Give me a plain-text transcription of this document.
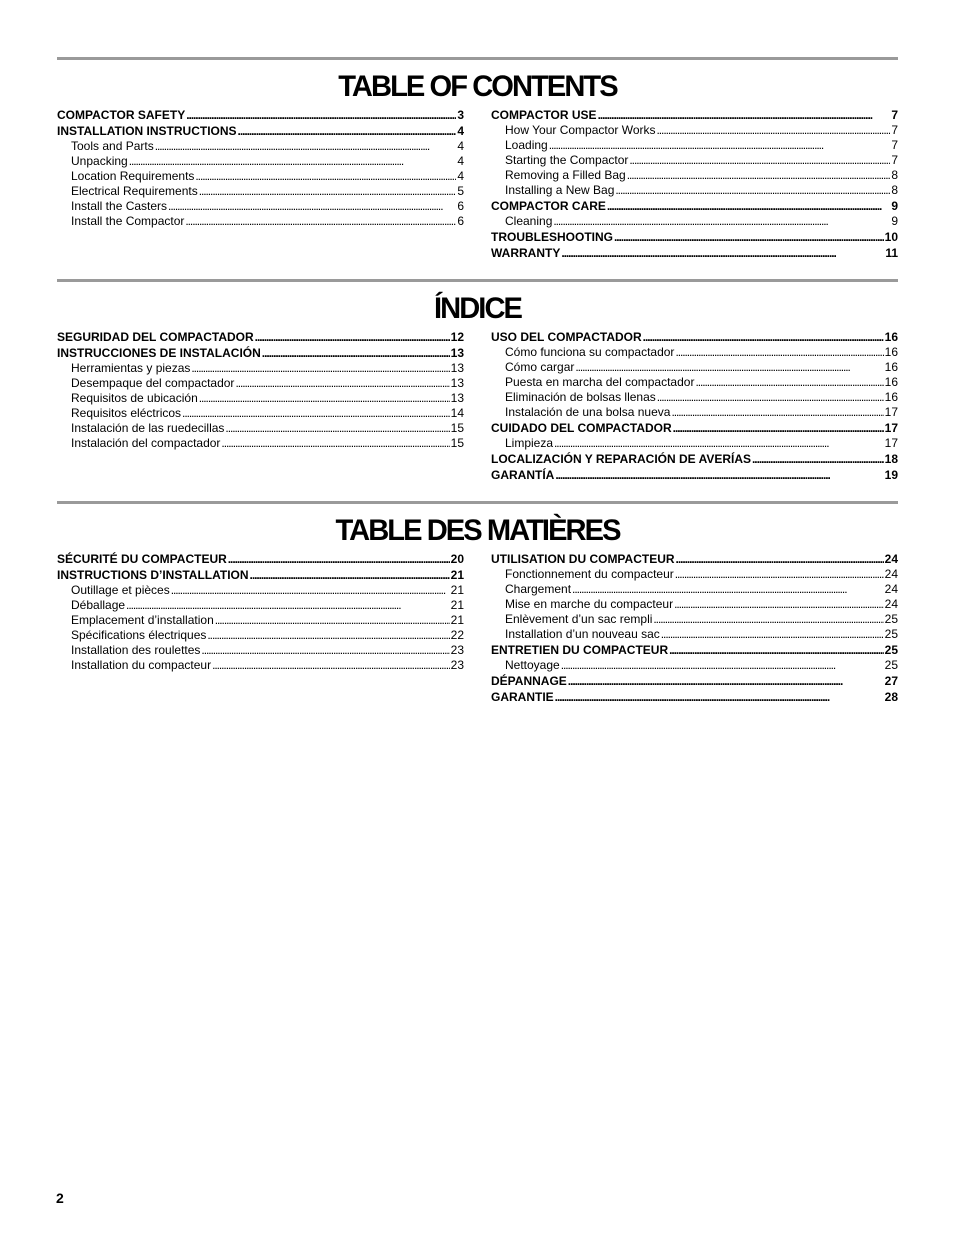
TABLE OF CONTENTS
COMPACTOR SAFETY . . .	3
INSTALLATION INSTRUCTIONS . . .	4
Tools and Parts . . .	4
Unpacking . . .	4
Location Requirements . . .	4
Electrical Requirements . . .	5
Install the Casters . . .	6
Install the Compactor . . .	6
COMPACTOR USE . . .	7
How Your Compactor Works . . .	7
Loading . . .	7
Starting the Compactor . . .	7
Removing a Filled Bag . . .	8
Installing a New Bag . . .	8
COMPACTOR CARE . . .	9
Cleaning . . .	9
TROUBLESHOOTING . . .	10
WARRANTY . . .	11
ÍNDICE
SEGURIDAD DEL COMPACTADOR . . .	12
INSTRUCCIONES DE INSTALACIÓN . . .	13
Herramientas y piezas . . .	13
Desempaque del compactador . . .	13
Requisitos de ubicación . . .	13
Requisitos eléctricos . . .	14
Instalación de las ruedecillas . . .	15
Instalación del compactador . . .	15
USO DEL COMPACTADOR . . .	16
Cómo funciona su compactador . . .	16
Cómo cargar . . .	16
Puesta en marcha del compactador . . .	16
Eliminación de bolsas llenas . . .	16
Instalación de una bolsa nueva . . .	17
CUIDADO DEL COMPACTADOR . . .	17
Limpieza . . .	17
LOCALIZACIÓN Y REPARACIÓN DE AVERÍAS . . .	18
GARANTÍA . . .	19
TABLE DES MATIÈRES
SÉCURITÉ DU COMPACTEUR . . .	20
INSTRUCTIONS D’INSTALLATION . . .	21
Outillage et pièces . . .	21
Déballage . . .	21
Emplacement d’installation . . .	21
Spécifications électriques . . .	22
Installation des roulettes . . .	23
Installation du compacteur . . .	23
UTILISATION DU COMPACTEUR . . .	24
Fonctionnement du compacteur . . .	24
Chargement . . .	24
Mise en marche du compacteur . . .	24
Enlèvement d’un sac rempli . . .	25
Installation d’un nouveau sac . . .	25
ENTRETIEN DU COMPACTEUR . . .	25
Nettoyage . . .	25
DÉPANNAGE . . .	27
GARANTIE . . .	28
2
